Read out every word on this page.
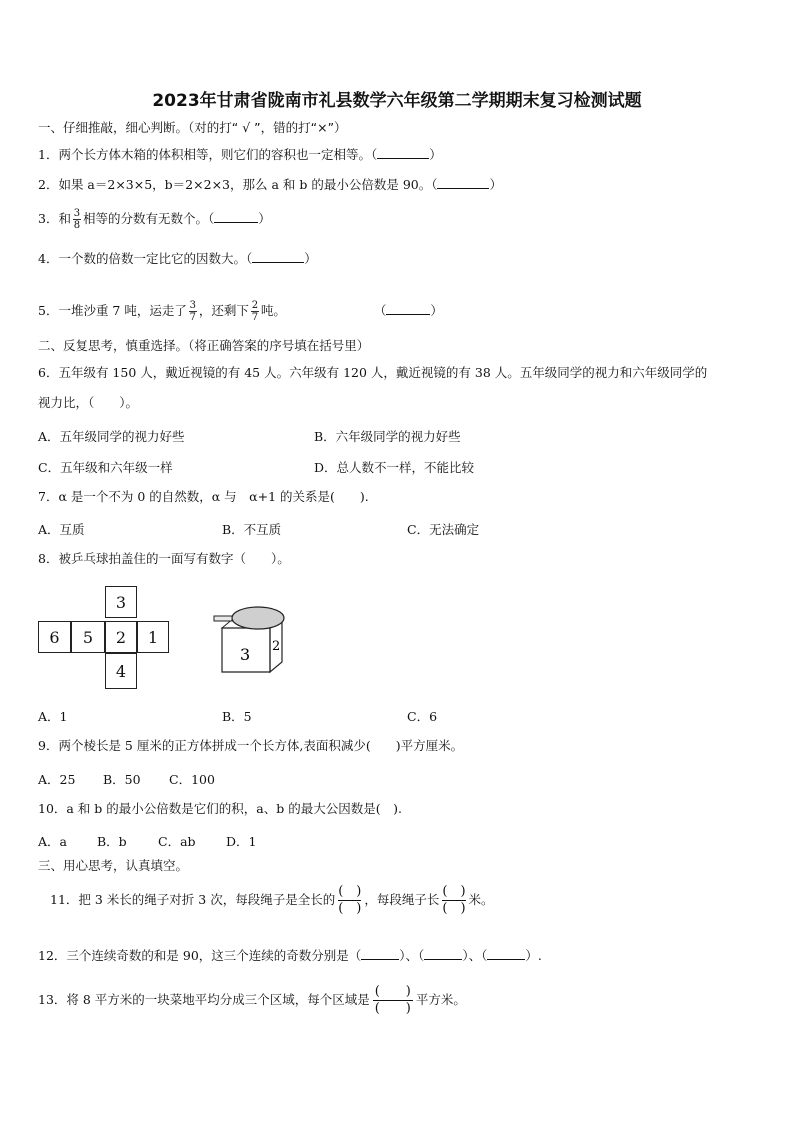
2023年甘肃省陇南市礼县数学六年级第二学期期末复习检测试题
一、仔细推敲，细心判断。（对的打“ √ ”，错的打“×”）
1．两个长方体木箱的体积相等，则它们的容积也一定相等。（	）
2．如果 a＝2×3×5，b＝2×2×3，那么 a 和 b 的最小公倍数是 90。（	）
3．和 $\frac{3}{8}$ 相等的分数有无数个。（	）
4．一个数的倍数一定比它的因数大。（	）
5．一堆沙重 7 吨，运走了 $\frac{3}{7}$ ，还剩下 $\frac{2}{7}$ 吨。	（	）
二、反复思考，慎重选择。（将正确答案的序号填在括号里）
6．五年级有 150 人，戴近视镜的有 45 人。六年级有 120 人，戴近视镜的有 38 人。五年级同学的视力和六年级同学的
视力比，（　　）。
A．五年级同学的视力好些	B．六年级同学的视力好些
C．五年级和六年级一样	D．总人数不一样，不能比较
7．α 是一个不为 0 的自然数，α 与　α+1 的关系是(　　).
A．互质	B．不互质	C．无法确定
8．被乒乓球拍盖住的一面写有数字（　　）。
3
6	5	2	1
4
3 2
A．1	B．5	C．6
9．两个棱长是 5 厘米的正方体拼成一个长方体,表面积减少(　　)平方厘米。
A．25 B．50 C．100
10．a 和 b 的最小公倍数是它们的积，a、b 的最大公因数是(　).
A．a B．b	C．ab D．1
三、用心思考，认真填空。
11．把 3 米长的绳子对折 3 次，每段绳子是全长的
(　)
(　)
，每段绳子长
(　)
(　)
米。
12．三个连续奇数的和是 90，这三个连续的奇数分别是（	）、（	）、（	）.
13．将 8 平方米的一块菜地平均分成三个区域，每个区域是
(　　)
(　　)
平方米。
